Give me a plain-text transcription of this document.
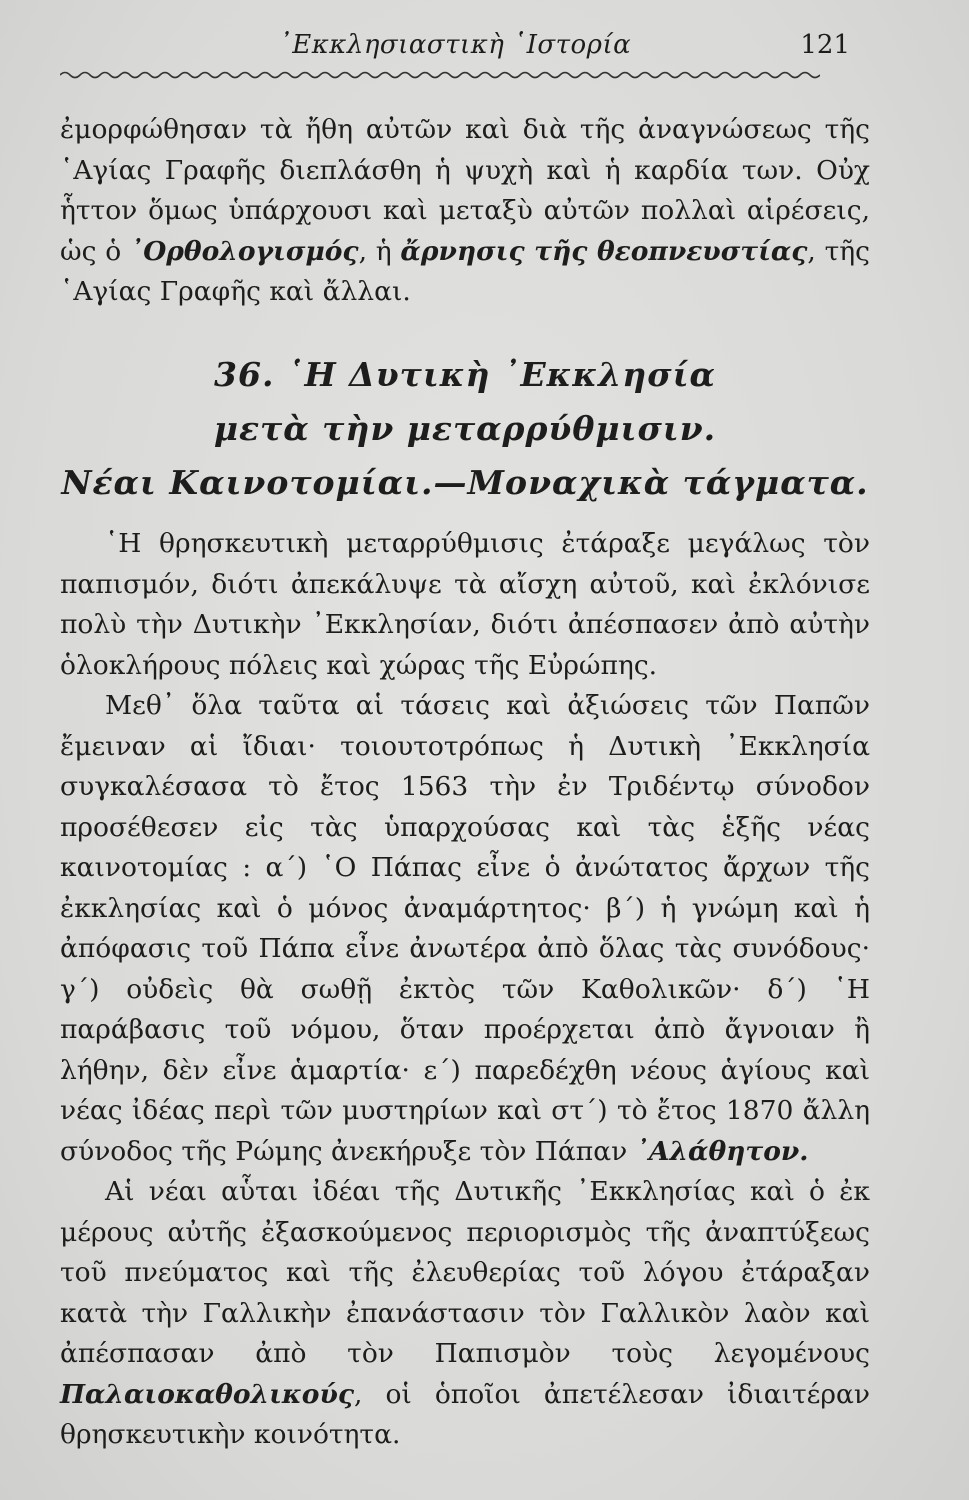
᾿Εκκλησιαστικὴ ῾Ιστορία	121

ἐμορφώθησαν τὰ ἤθη αὐτῶν καὶ διὰ τῆς ἀναγνώσεως τῆς ῾Αγίας Γραφῆς διεπλάσθη ἡ ψυχὴ καὶ ἡ καρδία των. Οὐχ ἧττον ὅμως ὑπάρχουσι καὶ μεταξὺ αὐτῶν πολλαὶ αἱρέσεις, ὡς ὁ ᾿Ορθολογισμός, ἡ ἄρνησις τῆς θεοπνευστίας, τῆς ῾Αγίας Γραφῆς καὶ ἄλλαι.

36. ῾Η Δυτικὴ ᾿Εκκλησία
μετὰ τὴν μεταρρύθμισιν.
Νέαι Καινοτομίαι.—Μοναχικὰ τάγματα.

῾Η θρησκευτικὴ μεταρρύθμισις ἐτάραξε μεγάλως τὸν παπισμόν, διότι ἀπεκάλυψε τὰ αἴσχη αὐτοῦ, καὶ ἐκλόνισε πολὺ τὴν Δυτικὴν ᾿Εκκλησίαν, διότι ἀπέσπασεν ἀπὸ αὐτὴν ὁλοκλήρους πόλεις καὶ χώρας τῆς Εὐρώπης.

Μεθ᾿ ὅλα ταῦτα αἱ τάσεις καὶ ἀξιώσεις τῶν Παπῶν ἔμειναν αἱ ἴδιαι· τοιουτοτρόπως ἡ Δυτικὴ ᾿Εκκλησία συγκαλέσασα τὸ ἔτος 1563 τὴν ἐν Τριδέντῳ σύνοδον προσέθεσεν εἰς τὰς ὑπαρχούσας καὶ τὰς ἑξῆς νέας καινοτομίας : α΄) ῾Ο Πάπας εἶνε ὁ ἀνώτατος ἄρχων τῆς ἐκκλησίας καὶ ὁ μόνος ἀναμάρτητος· β΄) ἡ γνώμη καὶ ἡ ἀπόφασις τοῦ Πάπα εἶνε ἀνωτέρα ἀπὸ ὅλας τὰς συνόδους· γ΄) οὐδεὶς θὰ σωθῇ ἐκτὸς τῶν Καθολικῶν· δ΄) ῾Η παράβασις τοῦ νόμου, ὅταν προέρχεται ἀπὸ ἄγνοιαν ἢ λήθην, δὲν εἶνε ἁμαρτία· ε΄) παρεδέχθη νέους ἁγίους καὶ νέας ἰδέας περὶ τῶν μυστηρίων καὶ στ΄) τὸ ἔτος 1870 ἄλλη σύνοδος τῆς Ρώμης ἀνεκήρυξε τὸν Πάπαν ᾿Αλάθητον.

Αἱ νέαι αὗται ἰδέαι τῆς Δυτικῆς ᾿Εκκλησίας καὶ ὁ ἐκ μέρους αὐτῆς ἐξασκούμενος περιορισμὸς τῆς ἀναπτύξεως τοῦ πνεύματος καὶ τῆς ἐλευθερίας τοῦ λόγου ἐτάραξαν κατὰ τὴν Γαλλικὴν ἐπανάστασιν τὸν Γαλλικὸν λαὸν καὶ ἀπέσπασαν ἀπὸ τὸν Παπισμὸν τοὺς λεγομένους Παλαιοκαθολικούς, οἱ ὁποῖοι ἀπετέλεσαν ἰδιαιτέραν θρησκευτικὴν κοινότητα.
